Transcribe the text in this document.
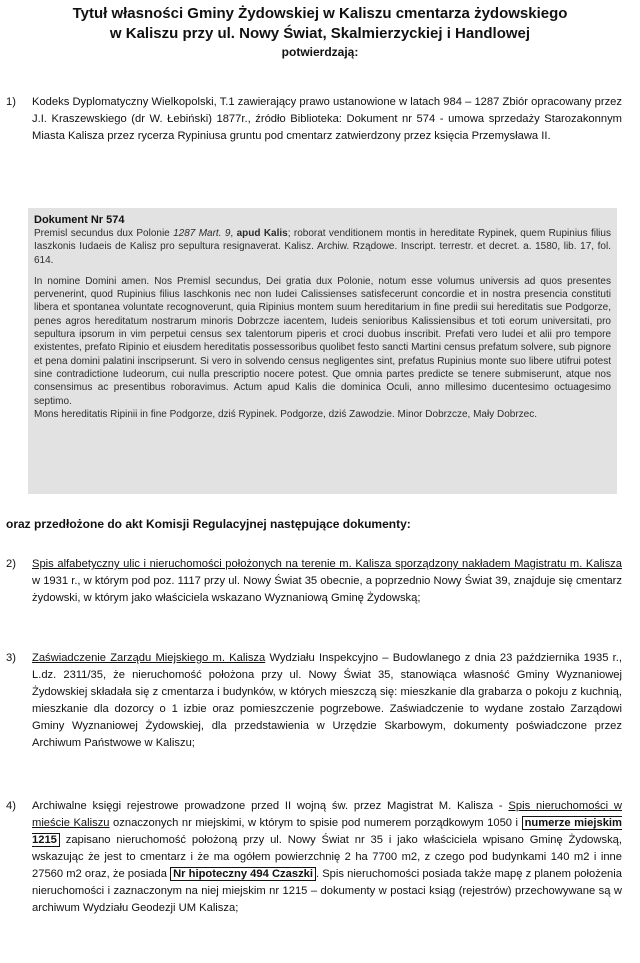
Tytuł własności Gminy Żydowskiej w Kaliszu cmentarza żydowskiego
w Kaliszu przy ul. Nowy Świat, Skalmierzyckiej i Handlowej
potwierdzają:
1)	Kodeks Dyplomatyczny Wielkopolski, T.1 zawierający prawo ustanowione w latach 984 – 1287 Zbiór opracowany przez J.I. Kraszewskiego (dr W. Łebiński) 1877r., źródło Biblioteka: Dokument nr 574 - umowa sprzedaży Starozakonnym Miasta Kalisza przez rycerza Rypiniusa gruntu pod cmentarz zatwierdzony przez księcia Przemysława II.
Dokument Nr 574

Premisl secundus dux Polonie 1287 Mart. 9, apud Kalis; roborat venditionem montis in hereditate Rypinek, quem Rupinius filius Iaszkonis Iudaeis de Kalisz pro sepultura resignaverat. Kalisz. Archiw. Rządowe. Inscript. terrestr. et decret. a. 1580, lib. 17, fol. 614.

In nomine Domini amen. Nos Premisl secundus, Dei gratia dux Polonie, notum esse volumus universis ad quos presentes pervenerint, quod Rupinius filius Iaschkonis nec non Iudei Calissienses satisfecerunt concordie et in nostra presencia constituti libera et spontanea voluntate recognoverunt, quia Ripinius montem suum hereditarium in fine predii sui hereditatis sue Podgorze, penes agros hereditatum nostrarum minoris Dobrzcze iacentem, Iudeis senioribus Kalissiensibus et toti eorum universitati, pro sepultura ipsorum in vim perpetui census sex talentorum piperis et croci duobus inscribit. Prefati vero Iudei et alii pro tempore existentes, prefato Ripinio et eiusdem hereditatis possessoribus quolibet festo sancti Martini census prefatum solvere, sub pignore et pena domini palatini inscripserunt. Si vero in solvendo census negligentes sint, prefatus Rupinius monte suo libere utifrui potest sine contradictione Iudeorum, cui nulla prescriptio nocere potest. Que omnia partes predicte se tenere submiserunt, atque nos consensimus ac presentibus roboravimus. Actum apud Kalis die dominica Oculi, anno millesimo ducentesimo octuagesimo septimo.

Mons hereditatis Ripinii in fine Podgorze, dziś Rypinek. Podgorze, dziś Zawodzie. Minor Dobrzcze, Mały Dobrzec.

oraz przedłożone do akt Komisji Regulacyjnej następujące dokumenty:
2)	Spis alfabetyczny ulic i nieruchomości położonych na terenie m. Kalisza sporządzony nakładem Magistratu m. Kalisza w 1931 r., w którym pod poz. 1117 przy ul. Nowy Świat 35 obecnie, a poprzednio Nowy Świat 39, znajduje się cmentarz żydowski, w którym jako właściciela wskazano Wyznaniową Gminę Żydowską;
3)	Zaświadczenie Zarządu Miejskiego m. Kalisza Wydziału Inspekcyjno – Budowlanego z dnia 23 października 1935 r., L.dz. 2311/35, że nieruchomość położona przy ul. Nowy Świat 35, stanowiąca własność Gminy Wyznaniowej Żydowskiej składała się z cmentarza i budynków, w których mieszczą się: mieszkanie dla grabarza o pokoju z kuchnią, mieszkanie dla dozorcy o 1 izbie oraz pomieszczenie pogrzebowe. Zaświadczenie to wydane zostało Zarządowi Gminy Wyznaniowej Żydowskiej, dla przedstawienia w Urzędzie Skarbowym, dokumenty poświadczone przez Archiwum Państwowe w Kaliszu;
4)	Archiwalne księgi rejestrowe prowadzone przed II wojną św. przez Magistrat M. Kalisza - Spis nieruchomości w mieście Kaliszu oznaczonych nr miejskimi, w którym to spisie pod numerem porządkowym 1050 i numerze miejskim 1215 zapisano nieruchomość położoną przy ul. Nowy Świat nr 35 i jako właściciela wpisano Gminę Żydowską, wskazując że jest to cmentarz i że ma ogółem powierzchnię 2 ha 7700 m2, z czego pod budynkami 140 m2 i inne 27560 m2 oraz, że posiada Nr hipoteczny 494 Czaszki . Spis nieruchomości posiada także mapę z planem położenia nieruchomości i zaznaczonym na niej miejskim nr 1215 – dokumenty w postaci ksiąg (rejestrów) przechowywane są w archiwum Wydziału Geodezji UM Kalisza;
